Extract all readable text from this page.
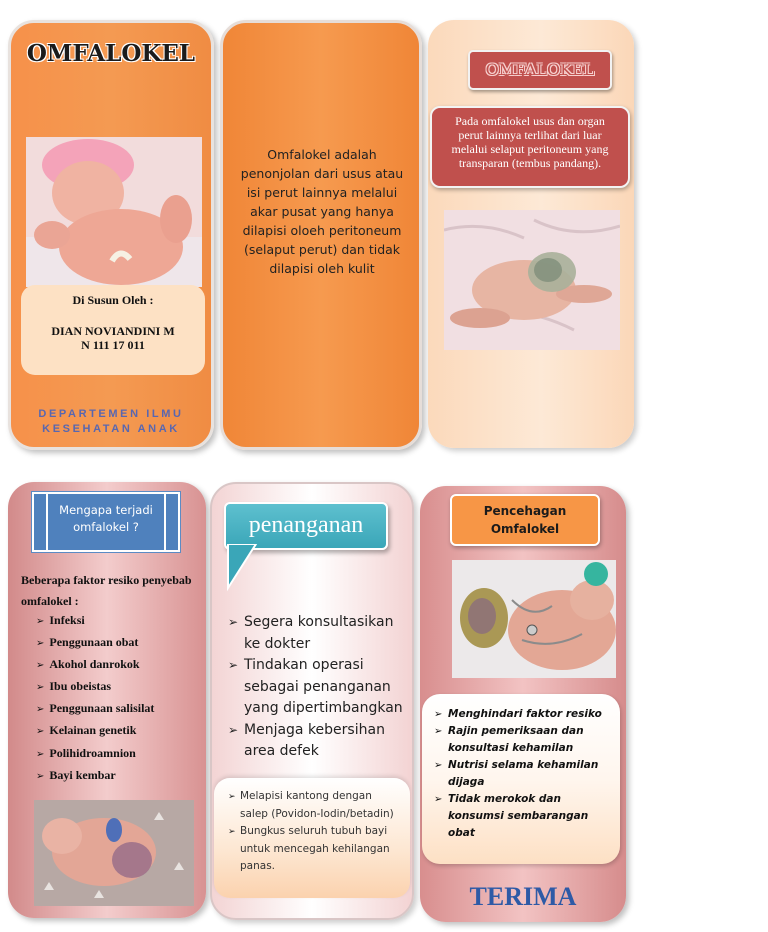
OMFALOKEL
Di Susun Oleh :
DIAN NOVIANDINI M
N 111 17 011
DEPARTEMEN ILMU
KESEHATAN ANAK
Omfalokel adalah penonjolan dari usus atau isi perut lainnya melalui akar pusat yang hanya dilapisi oloeh peritoneum (selaput perut) dan tidak dilapisi oleh kulit
OMFALOKEL
Pada omfalokel usus dan organ perut lainnya terlihat dari luar melalui selaput peritoneum yang transparan (tembus pandang).
Mengapa terjadi omfalokel ?
Beberapa faktor resiko penyebab omfalokel :
➢ Infeksi
➢ Penggunaan obat
➢ Akohol danrokok
➢ Ibu obeistas
➢ Penggunaan salisilat
➢ Kelainan genetik
➢ Polihidroamnion
➢ Bayi kembar
penanganan
➢ Segera konsultasikan ke dokter
➢ Tindakan operasi sebagai penanganan yang dipertimbangkan
➢ Menjaga kebersihan area defek
➢ Melapisi kantong dengan salep (Povidon-Iodin/betadin)
➢ Bungkus seluruh tubuh bayi untuk mencegah kehilangan panas.
Pencehagan Omfalokel
➢ Menghindari faktor resiko
➢ Rajin pemeriksaan dan konsultasi kehamilan
➢ Nutrisi selama kehamilan dijaga
➢ Tidak merokok dan konsumsi sembarangan obat
TERIMA
